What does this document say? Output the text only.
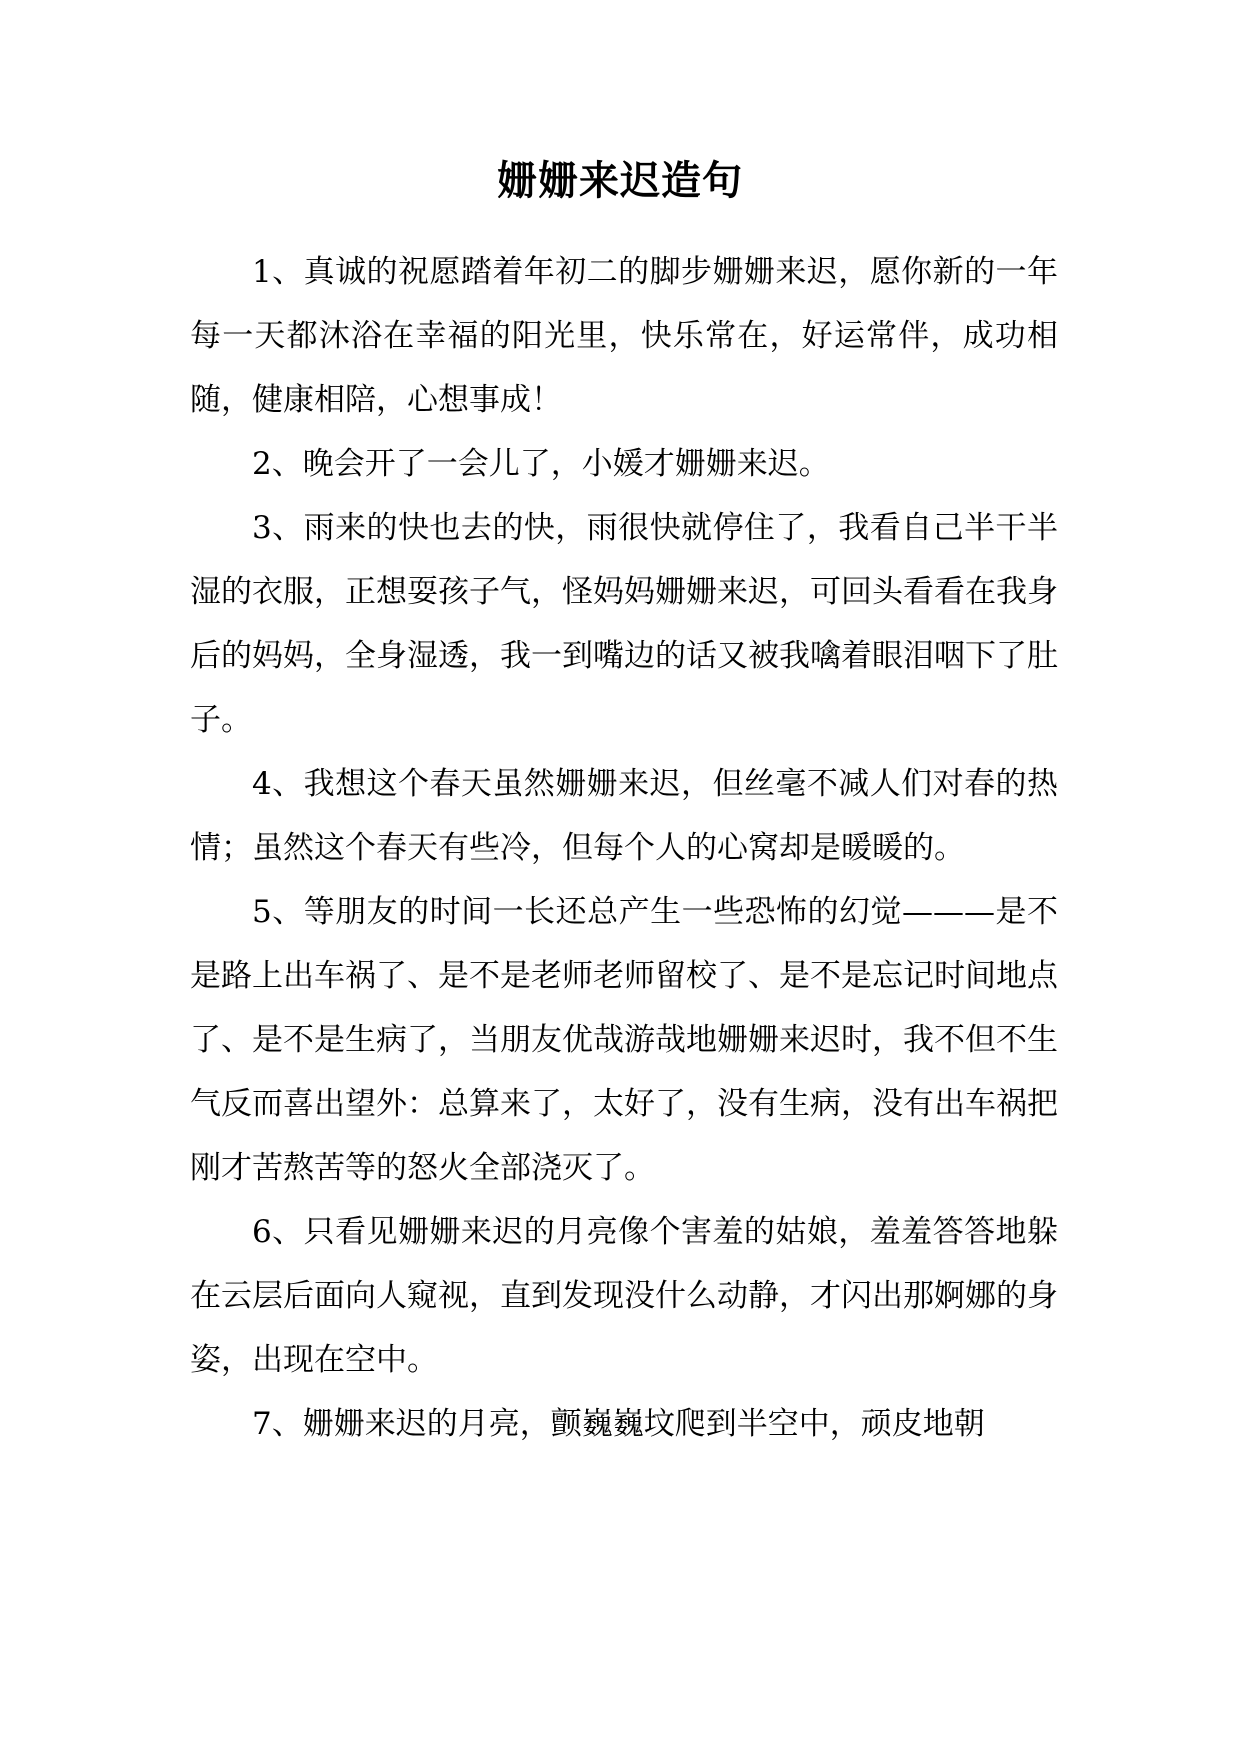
姗姗来迟造句

1、真诚的祝愿踏着年初二的脚步姗姗来迟，愿你新的一年每一天都沐浴在幸福的阳光里，快乐常在，好运常伴，成功相随，健康相陪，心想事成！

2、晚会开了一会儿了，小媛才姗姗来迟。

3、雨来的快也去的快，雨很快就停住了，我看自己半干半湿的衣服，正想耍孩子气，怪妈妈姗姗来迟，可回头看看在我身后的妈妈，全身湿透，我一到嘴边的话又被我噙着眼泪咽下了肚子。

4、我想这个春天虽然姗姗来迟，但丝毫不减人们对春的热情；虽然这个春天有些冷，但每个人的心窝却是暖暖的。

5、等朋友的时间一长还总产生一些恐怖的幻觉———是不是路上出车祸了、是不是老师老师留校了、是不是忘记时间地点了、是不是生病了，当朋友优哉游哉地姗姗来迟时，我不但不生气反而喜出望外：总算来了，太好了，没有生病，没有出车祸把刚才苦熬苦等的怒火全部浇灭了。

6、只看见姗姗来迟的月亮像个害羞的姑娘，羞羞答答地躲在云层后面向人窥视，直到发现没什么动静，才闪出那婀娜的身姿，出现在空中。

7、姗姗来迟的月亮，颤巍巍坟爬到半空中，顽皮地朝
